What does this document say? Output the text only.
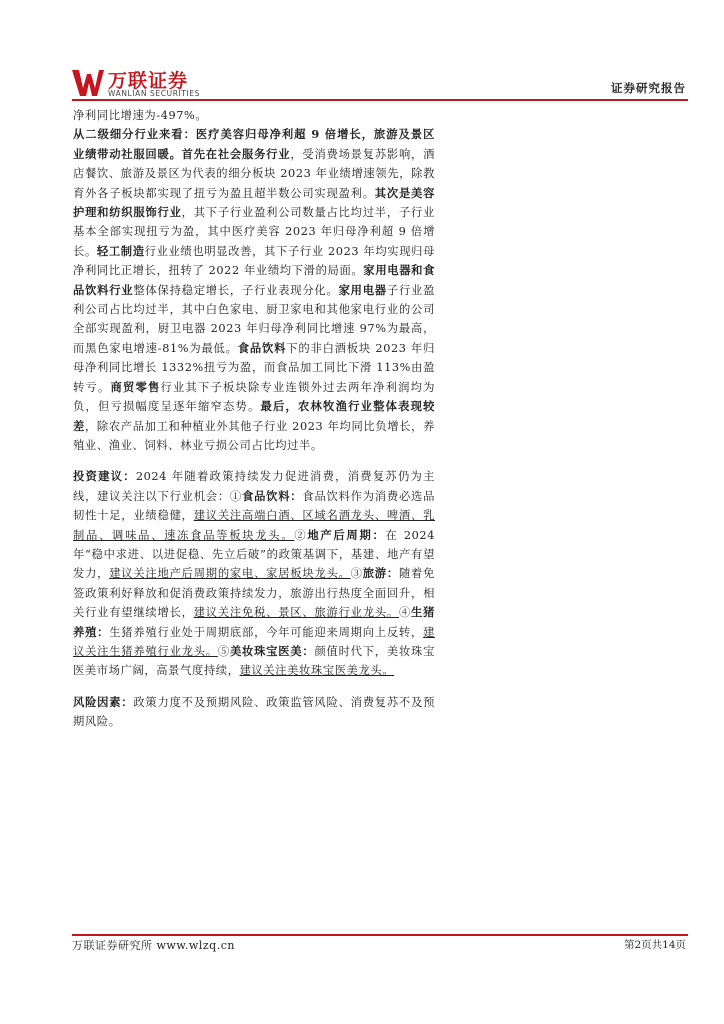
万联证券
WANLIAN SECURITIES	证券研究报告

净利同比增速为-497%。

从二级细分行业来看：医疗美容归母净利超 9 倍增长，旅游及景区业绩带动社服回暖。首先在社会服务行业，受消费场景复苏影响，酒店餐饮、旅游及景区为代表的细分板块 2023 年业绩增速领先，除教育外各子板块都实现了扭亏为盈且超半数公司实现盈利。其次是美容护理和纺织服饰行业，其下子行业盈利公司数量占比均过半，子行业基本全部实现扭亏为盈，其中医疗美容 2023 年归母净利超 9 倍增长。轻工制造行业业绩也明显改善，其下子行业 2023 年均实现归母净利同比正增长，扭转了 2022 年业绩均下滑的局面。家用电器和食品饮料行业整体保持稳定增长，子行业表现分化。家用电器子行业盈利公司占比均过半，其中白色家电、厨卫家电和其他家电行业的公司全部实现盈利，厨卫电器 2023 年归母净利同比增速 97%为最高，而黑色家电增速-81%为最低。食品饮料下的非白酒板块 2023 年归母净利同比增长 1332%扭亏为盈，而食品加工同比下滑 113%由盈转亏。商贸零售行业其下子板块除专业连锁外过去两年净利润均为负，但亏损幅度呈逐年缩窄态势。最后，农林牧渔行业整体表现较差，除农产品加工和种植业外其他子行业 2023 年均同比负增长，养殖业、渔业、饲料、林业亏损公司占比均过半。

投资建议：2024 年随着政策持续发力促进消费，消费复苏仍为主线，建议关注以下行业机会：①食品饮料：食品饮料作为消费必选品韧性十足，业绩稳健，建议关注高端白酒、区域名酒龙头、啤酒、乳制品、调味品、速冻食品等板块龙头。②地产后周期：在 2024 年“稳中求进、以进促稳、先立后破”的政策基调下，基建、地产有望发力，建议关注地产后周期的家电、家居板块龙头。③旅游：随着免签政策利好释放和促消费政策持续发力，旅游出行热度全面回升，相关行业有望继续增长，建议关注免税、景区、旅游行业龙头。④生猪养殖：生猪养殖行业处于周期底部，今年可能迎来周期向上反转，建议关注生猪养殖行业龙头。⑤美妆珠宝医美：颜值时代下，美妆珠宝医美市场广阔，高景气度持续，建议关注美妆珠宝医美龙头。

风险因素：政策力度不及预期风险、政策监管风险、消费复苏不及预期风险。

万联证券研究所 www.wlzq.cn	第2页共14页
